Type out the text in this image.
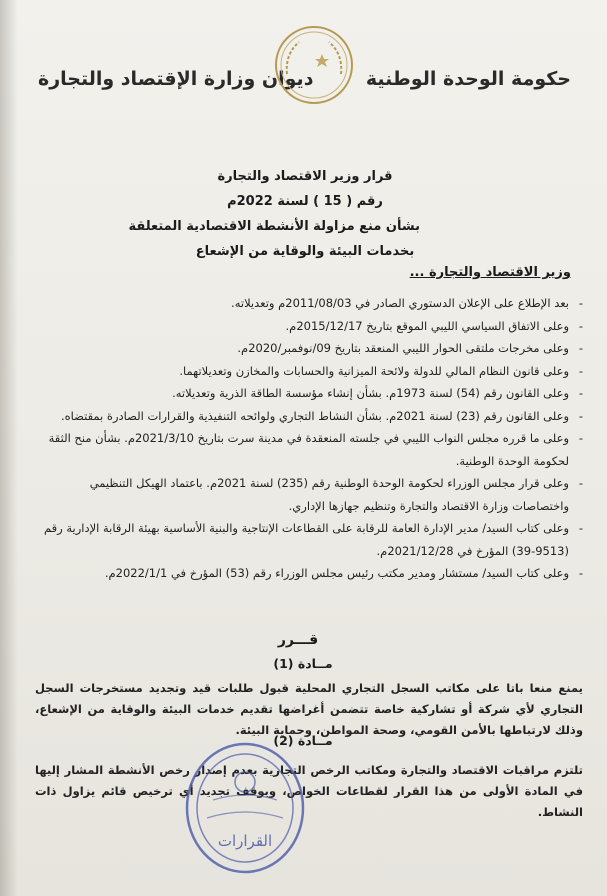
حكومة الوحدة الوطنية
ديوان وزارة الإقتصاد والتجارة
قرار وزير الاقتصاد والتجارة
رقم ( 15 ) لسنة 2022م
بشأن منع مزاولة الأنشطة الاقتصادية المتعلقة
بخدمات البيئة والوقاية من الإشعاع
وزير الاقتصاد والتجارة ...
- بعد الإطلاع على الإعلان الدستوري الصادر في 2011/08/03م وتعديلاته.
- وعلى الاتفاق السياسي الليبي الموقع بتاريخ 2015/12/17م.
- وعلى مخرجات ملتقى الحوار الليبي المنعقد بتاريخ 09/نوفمبر/2020م.
- وعلى قانون النظام المالي للدولة ولائحة الميزانية والحسابات والمخازن وتعديلاتهما.
- وعلى القانون رقم (54) لسنة 1973م. بشأن إنشاء مؤسسة الطاقة الذرية وتعديلاته.
- وعلى القانون رقم (23) لسنة 2021م. بشأن النشاط التجاري ولوائحه التنفيذية والقرارات الصادرة بمقتضاه.
- وعلى ما قرره مجلس النواب الليبي في جلسته المنعقدة في مدينة سرت بتاريخ 2021/3/10م. بشأن منح الثقة لحكومة الوحدة الوطنية.
- وعلى قرار مجلس الوزراء لحكومة الوحدة الوطنية رقم (235) لسنة 2021م. باعتماد الهيكل التنظيمي واختصاصات وزارة الاقتصاد والتجارة وتنظيم جهازها الإداري.
- وعلى كتاب السيد/ مدير الإدارة العامة للرقابة على القطاعات الإنتاجية والبنية الأساسية بهيئة الرقابة الإدارية رقم (9513-39) المؤرخ في 2021/12/28م.
- وعلى كتاب السيد/ مستشار ومدير مكتب رئيس مجلس الوزراء رقم (53) المؤرخ في 2022/1/1م.
قـــرر
مــادة (1)

يمنع منعا باتا على مكاتب السجل التجاري المحلية قبول طلبات قيد وتجديد مستخرجات السجل التجاري لأي شركة أو تشاركية خاصة تتضمن أغراضها تقديم خدمات البيئة والوقاية من الإشعاع، وذلك لارتباطها بالأمن القومي، وصحة المواطن، وحماية البيئة.

مــادة (2)

تلتزم مراقبات الاقتصاد والتجارة ومكاتب الرخص التجارية بعدم إصدار رخص الأنشطة المشار إليها في المادة الأولى من هذا القرار لقطاعات الخواص، ويوقف تجديد أي ترخيص قائم يزاول ذات النشاط.

القرارات
